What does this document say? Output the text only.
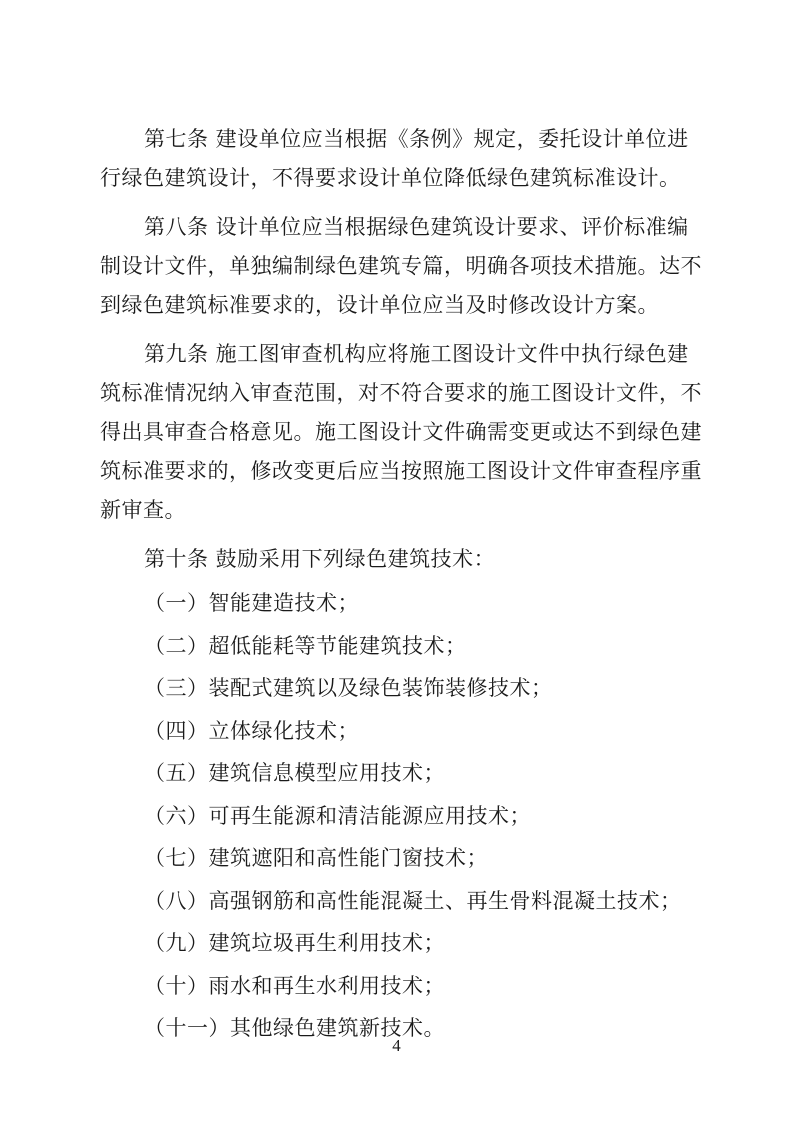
第七条 建设单位应当根据《条例》规定，委托设计单位进
行绿色建筑设计，不得要求设计单位降低绿色建筑标准设计。
第八条 设计单位应当根据绿色建筑设计要求、评价标准编
制设计文件，单独编制绿色建筑专篇，明确各项技术措施。达不
到绿色建筑标准要求的，设计单位应当及时修改设计方案。
第九条 施工图审查机构应将施工图设计文件中执行绿色建
筑标准情况纳入审查范围，对不符合要求的施工图设计文件，不
得出具审查合格意见。施工图设计文件确需变更或达不到绿色建
筑标准要求的，修改变更后应当按照施工图设计文件审查程序重
新审查。
第十条 鼓励采用下列绿色建筑技术：
（一）智能建造技术；
（二）超低能耗等节能建筑技术；
（三）装配式建筑以及绿色装饰装修技术；
（四）立体绿化技术；
（五）建筑信息模型应用技术；
（六）可再生能源和清洁能源应用技术；
（七）建筑遮阳和高性能门窗技术；
（八）高强钢筋和高性能混凝土、再生骨料混凝土技术；
（九）建筑垃圾再生利用技术；
（十）雨水和再生水利用技术；
（十一）其他绿色建筑新技术。
4
